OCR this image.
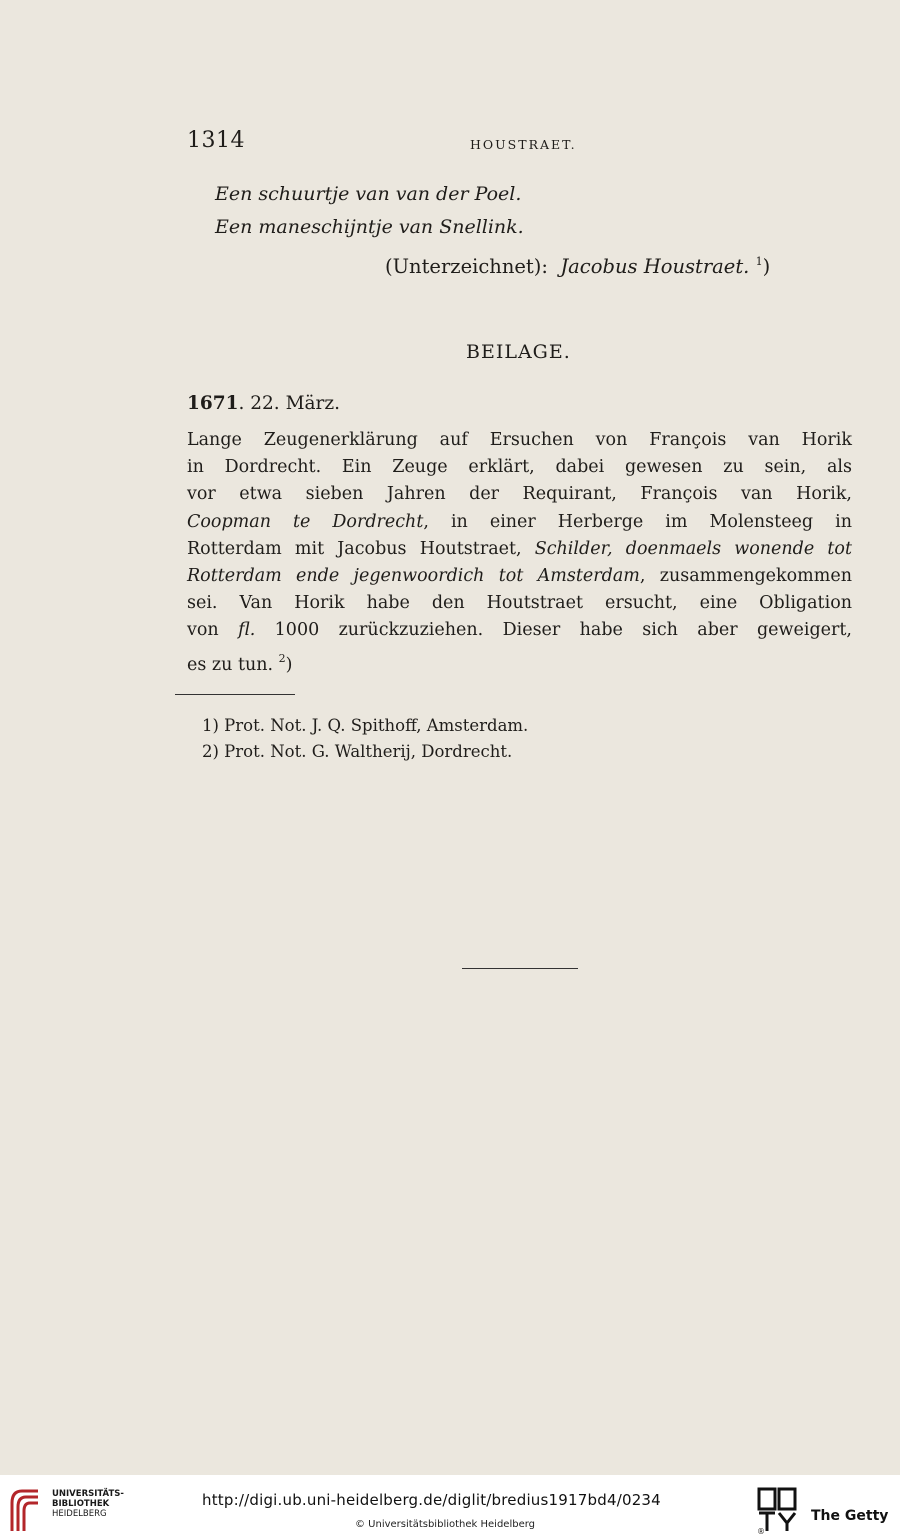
1314	HOUSTRAET.
Een schuurtje van van der Poel.
Een maneschijntje van Snellink.
(Unterzeichnet): Jacobus Houstraet. $^1$)
BEILAGE.
1671. 22. März.
Lange Zeugenerklärung auf Ersuchen von François van Horik
in Dordrecht. Ein Zeuge erklärt, dabei gewesen zu sein, als
vor etwa sieben Jahren der Requirant, François van Horik,
Coopman te Dordrecht, in einer Herberge im Molensteeg in
Rotterdam mit Jacobus Houtstraet, Schilder, doenmaels wonende tot
Rotterdam ende jegenwoordich tot Amsterdam, zusammengekommen
sei. Van Horik habe den Houtstraet ersucht, eine Obligation
von fl. 1000 zurückzuziehen. Dieser habe sich aber geweigert,
es zu tun. $^2$)
1) Prot. Not. J. Q. Spithoff, Amsterdam.
2) Prot. Not. G. Waltherij, Dordrecht.
UNIVERSITÄTS-
BIBLIOTHEK
HEIDELBERG
http://digi.ub.uni-heidelberg.de/diglit/bredius1917bd4/0234
© Universitätsbibliothek Heidelberg
®
The Getty
